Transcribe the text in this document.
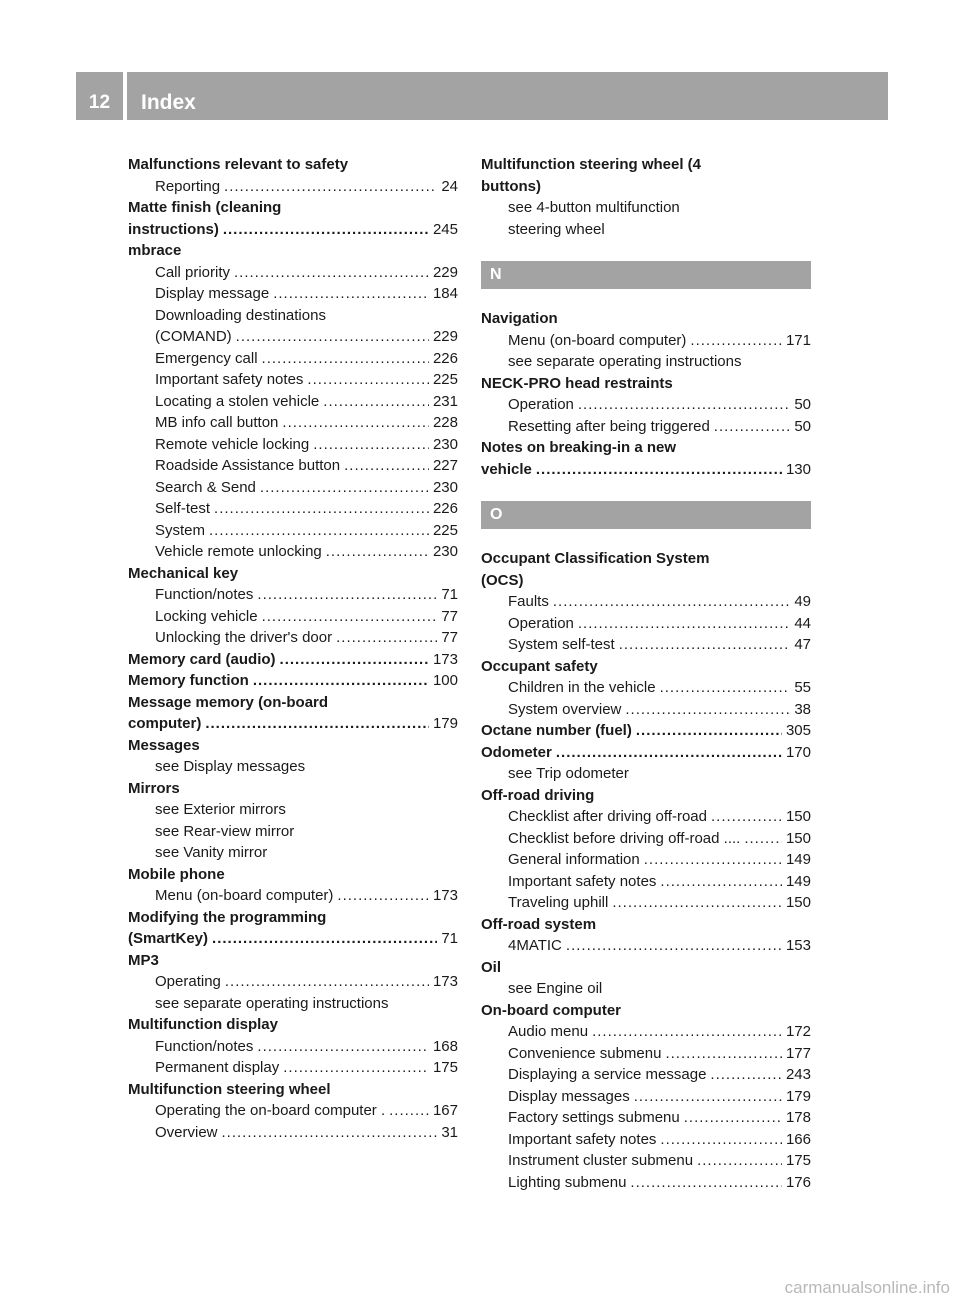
12	Index
Malfunctions relevant to safety
Reporting .....	24
Matte finish (cleaning
instructions) .....	245
mbrace
Call priority .....	229
Display message .....	184
Downloading destinations
(COMAND) .....	229
Emergency call .....	226
Important safety notes .....	225
Locating a stolen vehicle .....	231
MB info call button .....	228
Remote vehicle locking .....	230
Roadside Assistance button .....	227
Search & Send .....	230
Self-test .....	226
System .....	225
Vehicle remote unlocking .....	230
Mechanical key
Function/notes .....	71
Locking vehicle .....	77
Unlocking the driver's door .....	77
Memory card (audio) .....	173
Memory function .....	100
Message memory (on-board
computer) .....	179
Messages
see Display messages
Mirrors
see Exterior mirrors
see Rear-view mirror
see Vanity mirror
Mobile phone
Menu (on-board computer) .....	173
Modifying the programming
(SmartKey) .....	71
MP3
Operating .....	173
see separate operating instructions
Multifunction display
Function/notes .....	168
Permanent display .....	175
Multifunction steering wheel
Operating the on-board computer . .....	167
Overview .....	31
Multifunction steering wheel (4
buttons)
see 4-button multifunction
steering wheel
N
Navigation
Menu (on-board computer) .....	171
see separate operating instructions
NECK-PRO head restraints
Operation .....	50
Resetting after being triggered .....	50
Notes on breaking-in a new
vehicle .....	130
O
Occupant Classification System
(OCS)
Faults .....	49
Operation .....	44
System self-test .....	47
Occupant safety
Children in the vehicle .....	55
System overview .....	38
Octane number (fuel) .....	305
Odometer .....	170
see Trip odometer
Off-road driving
Checklist after driving off-road .....	150
Checklist before driving off-road .... .....	150
General information .....	149
Important safety notes .....	149
Traveling uphill .....	150
Off-road system
4MATIC .....	153
Oil
see Engine oil
On-board computer
Audio menu .....	172
Convenience submenu .....	177
Displaying a service message .....	243
Display messages .....	179
Factory settings submenu .....	178
Important safety notes .....	166
Instrument cluster submenu .....	175
Lighting submenu .....	176
carmanualsonline.info
